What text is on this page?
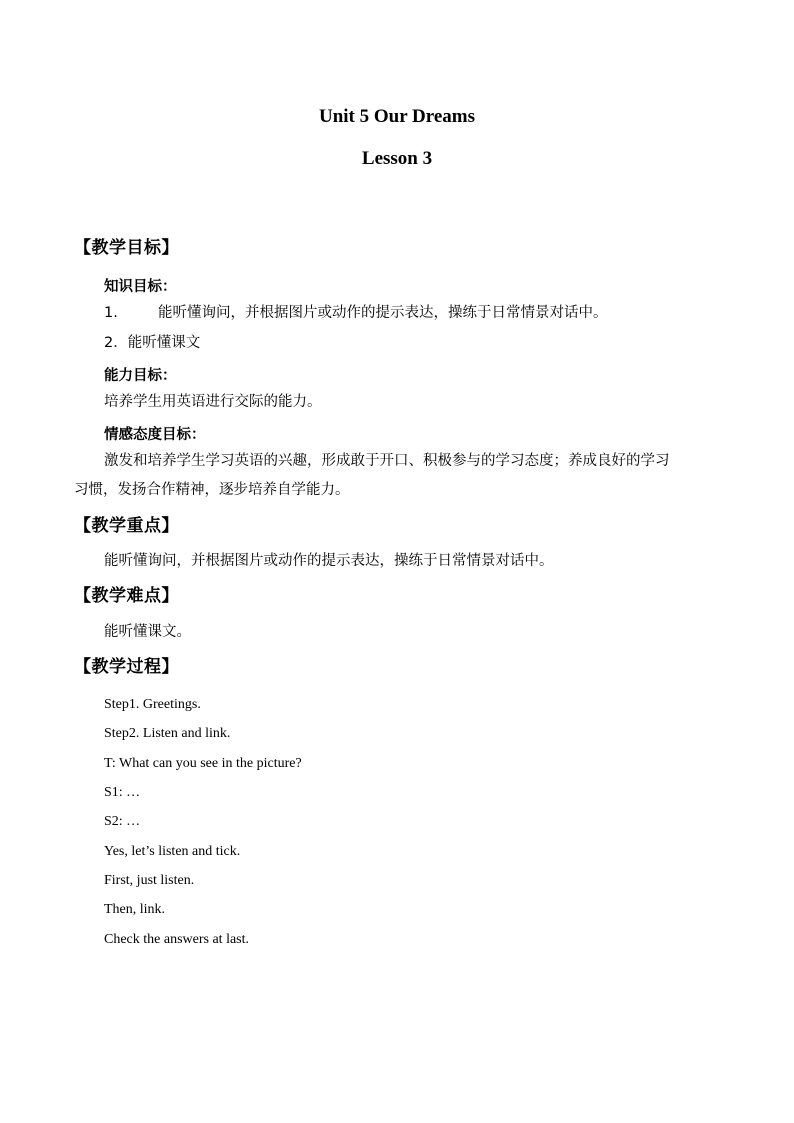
Unit 5 Our Dreams
Lesson 3
【教学目标】
知识目标：
1.	能听懂询问，并根据图片或动作的提示表达，操练于日常情景对话中。
2．能听懂课文
能力目标：
培养学生用英语进行交际的能力。
情感态度目标：
激发和培养学生学习英语的兴趣，形成敢于开口、积极参与的学习态度；养成良好的学习
习惯，发扬合作精神，逐步培养自学能力。
【教学重点】
能听懂询问，并根据图片或动作的提示表达，操练于日常情景对话中。
【教学难点】
能听懂课文。
【教学过程】

Step1. Greetings.

Step2. Listen and link.

T: What can you see in the picture?

S1: …

S2: …

Yes, let’s listen and tick.

First, just listen.

Then, link.

Check the answers at last.
